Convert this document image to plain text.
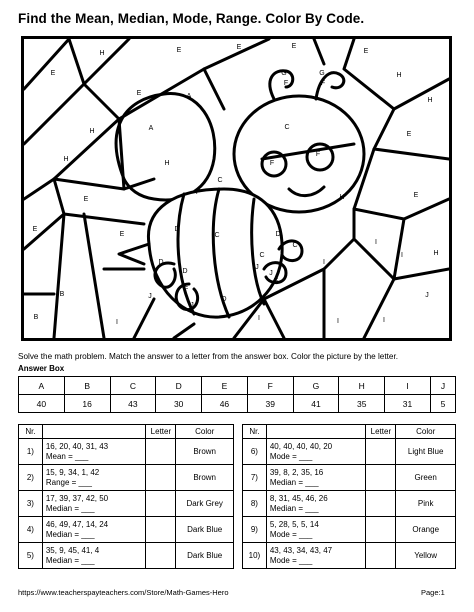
Find the Mean, Median, Mode, Range. Color By Code.
H	E	E	E
E
H
E
E	A
G	G
F	F
H
C
A
H	E
F
F
H
H
C
E
F
H	E
C
E	D
D
C
C
E
I
I	H
D	I
J
D	J
E
E
J	D
J
B
I
J
B
I	I
I
Solve the math problem. Match the answer to a letter from the answer box. Color the picture by the letter.
Answer Box
A	B	C	D	E	F	G	H	I	J
40	16	43	30	46	39	41	35	31	5
Nr.		Letter	Color
1)	16, 20, 40, 31, 43
Mean = ___		Brown
2)	15, 9, 34, 1, 42
Range = ___		Brown
3)	17, 39, 37, 42, 50
Median = ___		Dark Grey
4)	46, 49, 47, 14, 24
Median = ___		Dark Blue
5)	35, 9, 45, 41, 4
Median = ___		Dark Blue
Nr.		Letter	Color
6)	40, 40, 40, 40, 20
Mode = ___		Light Blue
7)	39, 8, 2, 35, 16
Median = ___		Green
8)	8, 31, 45, 46, 26
Median = ___		Pink
9)	5, 28, 5, 5, 14
Mode = ___		Orange
10)	43, 43, 34, 43, 47
Mode = ___		Yellow
https://www.teacherspayteachers.com/Store/Math-Games-Hero	Page:1
